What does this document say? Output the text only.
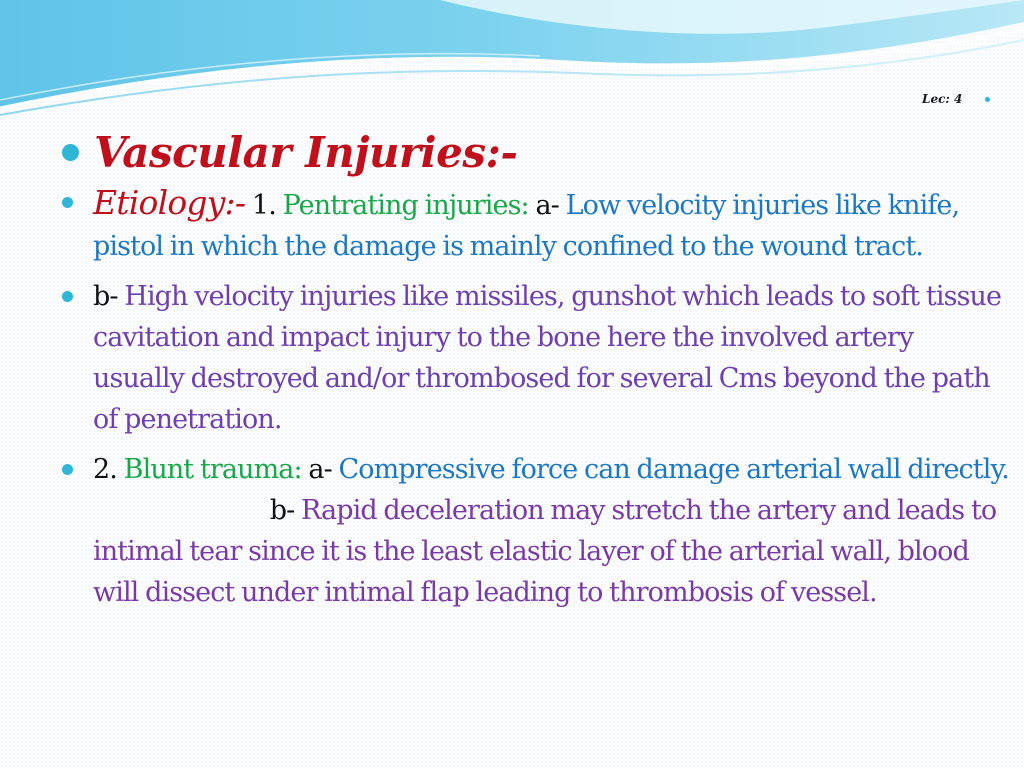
Lec: 4
Vascular Injuries:-

Etiology:- 1. Pentrating injuries: a- Low velocity injuries like knife, pistol in which the damage is mainly confined to the wound tract.

b- High velocity injuries like missiles, gunshot which leads to soft tissue cavitation and impact injury to the bone here the involved artery usually destroyed and/or thrombosed for several Cms beyond the path of penetration.

2. Blunt trauma: a- Compressive force can damage arterial wall directly. b- Rapid deceleration may stretch the artery and leads to intimal tear since it is the least elastic layer of the arterial wall, blood will dissect under intimal flap leading to thrombosis of vessel.
